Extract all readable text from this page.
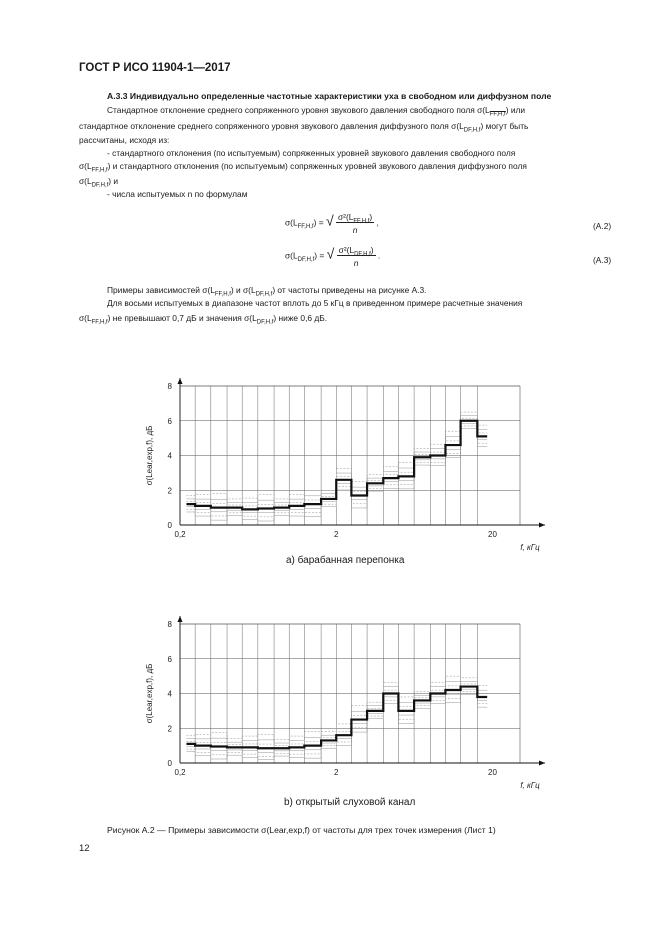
ГОСТ Р ИСО 11904-1—2017
А.3.3 Индивидуально определенные частотные характеристики уха в свободном или диффузном поле
Стандартное отклонение среднего сопряженного уровня звукового давления свободного поля $\sigma(L_{FF,H,f})$ или
стандартное отклонение среднего сопряженного уровня звукового давления диффузного поля $\sigma(L_{DF,H,f})$ могут быть
рассчитаны, исходя из:
- стандартного отклонения (по испытуемым) сопряженных уровней звукового давления свободного поля
$\sigma(L_{FF,H,f})$ и стандартного отклонения (по испытуемым) сопряженных уровней звукового давления диффузного поля
$\sigma(L_{DF,H,f})$ и
- числа испытуемых n по формулам
$\sigma(L_{FF,H,f})$ = √ $\frac{\sigma^2(L_{FF,H,f})}{n}$ ,	(А.2)
$\sigma(L_{DF,H,f})$ = √ $\frac{\sigma^2(L_{DF,H,f})}{n}$ .	(А.3)
Примеры зависимостей $\sigma(L_{FF,H,f})$ и $\sigma(L_{DF,H,f})$ от частоты приведены на рисунке А.3.
Для восьми испытуемых в диапазоне частот вплоть до 5 кГц в приведенном примере расчетные значения
$\sigma(L_{FF,H,f})$ не превышают 0,7 дБ и значения $\sigma(L_{DF,H,f})$ ниже 0,6 дБ.
0
2
4
6
8
0,2	2	20
f, кГц
σ(Lear,exp,f), дБ
a) барабанная перепонка
0
2
4
6
8
0,2	2	20
f, кГц
σ(Lear,exp,f), дБ
b) открытый слуховой канал
Рисунок А.2 — Примеры зависимости σ(Lear,exp,f) от частоты для трех точек измерения (Лист 1)
12
